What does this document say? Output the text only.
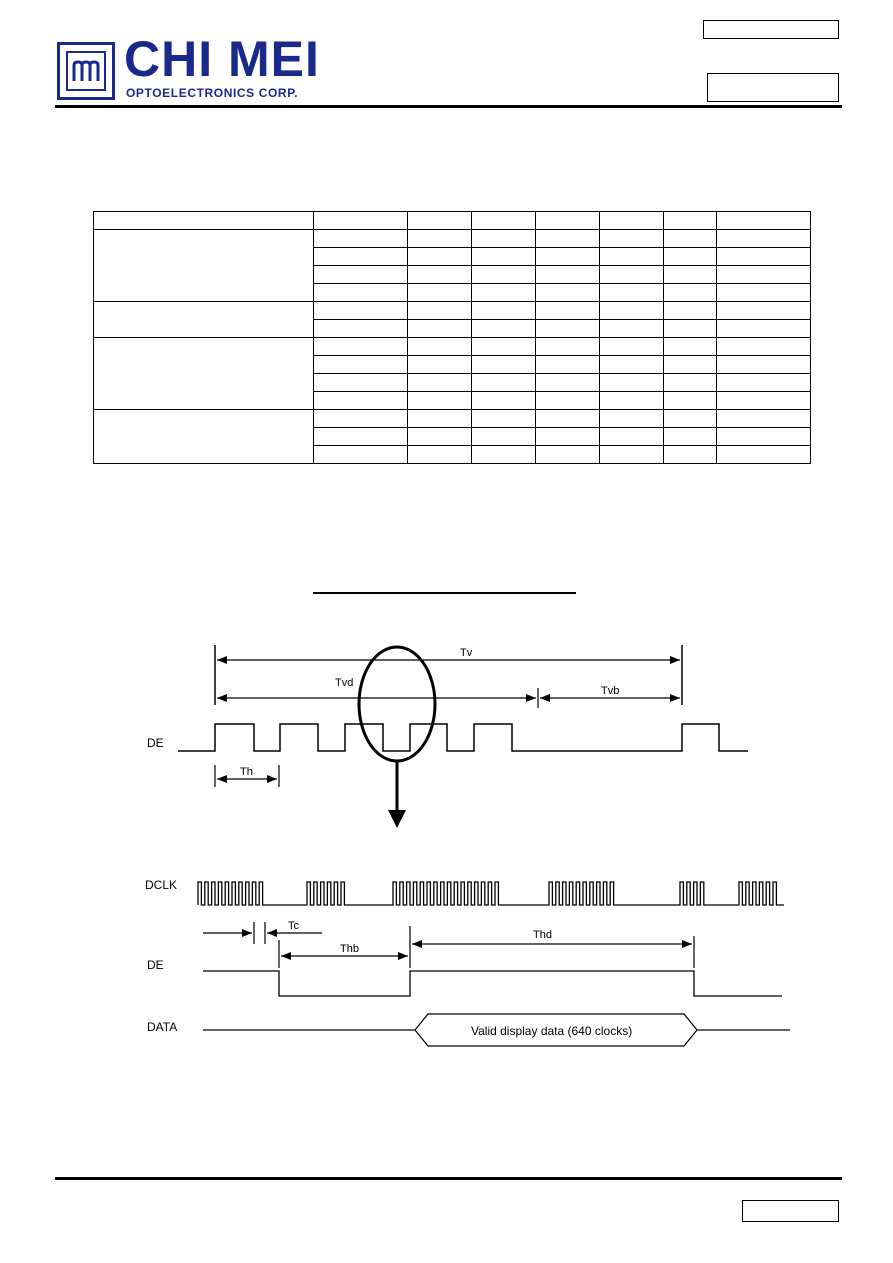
CHI MEI
OPTOELECTRONICS CORP.

Tv
Tvd
Tvb
DE
Th
DCLK
Tc
Thb
Thd
DE
DATA	Valid display data (640 clocks)
